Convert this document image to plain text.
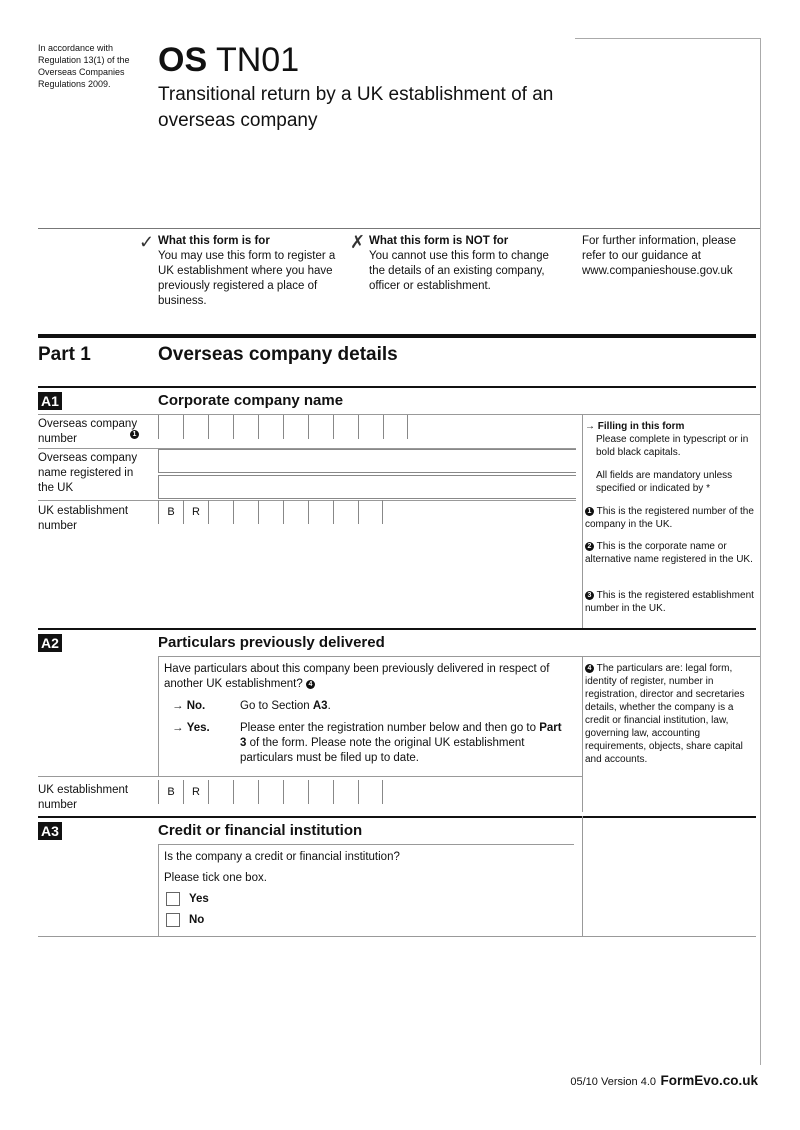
In accordance with Regulation 13(1) of the Overseas Companies Regulations 2009.
OS TN01
Transitional return by a UK establishment of an overseas company
✓ What this form is for
You may use this form to register a UK establishment where you have previously registered a place of business.
✗ What this form is NOT for
You cannot use this form to change the details of an existing company, officer or establishment.
For further information, please refer to our guidance at www.companieshouse.gov.uk
Part 1	Overseas company details
A1	Corporate company name
Overseas company number	1
Overseas company name registered in the UK
UK establishment number
B	R
→ Filling in this form
Please complete in typescript or in bold black capitals.
All fields are mandatory unless specified or indicated by *
1 This is the registered number of the company in the UK.
2 This is the corporate name or alternative name registered in the UK.
3 This is the registered establishment number in the UK.
A2	Particulars previously delivered
Have particulars about this company been previously delivered in respect of another UK establishment? 4
→ No.	Go to Section A3.
→ Yes.	Please enter the registration number below and then go to Part 3 of the form. Please note the original UK establishment particulars must be filed up to date.
4 The particulars are: legal form, identity of register, number in registration, director and secretaries details, whether the company is a credit or financial institution, law, governing law, accounting requirements, objects, share capital and accounts.
UK establishment number
B	R
A3	Credit or financial institution
Is the company a credit or financial institution?
Please tick one box.
Yes
No
05/10 Version 4.0 FormEvo.co.uk
